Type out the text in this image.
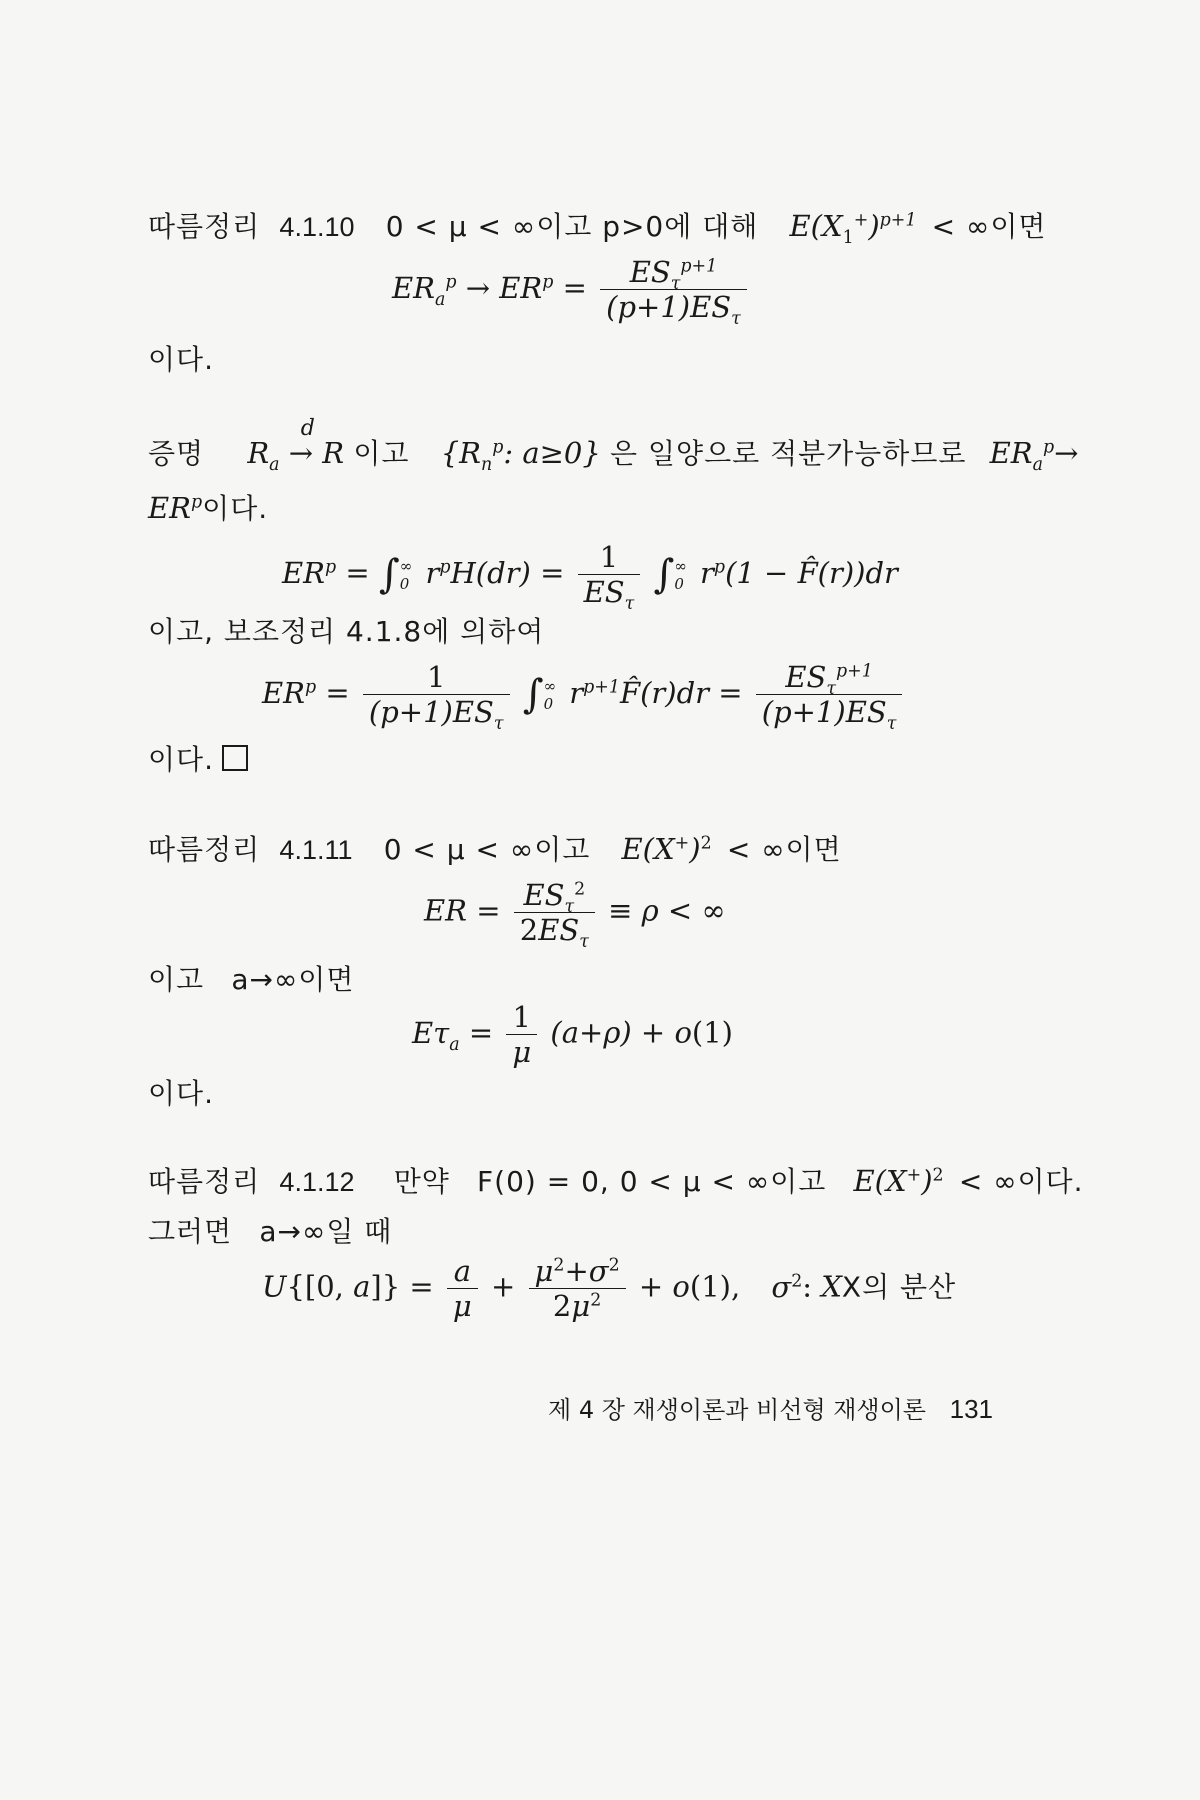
따름정리 4.1.10 0 < μ < ∞이고 p>0에 대해 $E(X_1^+)^{p+1}$ < ∞이면
$ER_a^p \to ER^p = \frac{ES_\tau^{p+1}}{(p+1)ES_\tau}$
이다.
증명 $R_a$
d
→ R 이고 {$R_n^p$: a≥0} 은 일양으로 적분가능하므로 $ER_a^p\to$
$ER^p$이다.
$ER^p$ = ∫ ∞
0 $r^pH(dr) = \frac{1}{ES_\tau}$ ∫ ∞
0 $r^p(1$ − F̂(r))dr
이고, 보조정리 4.1.8에 의하여
$ER^p = \frac{1}{(p+1)ES_\tau}$ ∫ ∞
0 $r^{p+1}F̂(r)dr = \frac{ES_\tau^{p+1}}{(p+1)ES_\tau}$
이다.
따름정리 4.1.11 0 < μ < ∞이고 $E(X^+)^2$ < ∞이면
ER = $\frac{ES_\tau^2}{2ES_\tau} \equiv \rho$ < ∞
이고 a→∞이면
$E\tau_a = \frac{1}{\mu} (a+\rho) + o(1)$
이다.
따름정리 4.1.12 만약 F(0) = 0, 0 < μ < ∞이고 $E(X^+)^2$ < ∞이다.
그러면 a→∞일 때
U{[0, $a]\} = \frac{a}{\mu} + \frac{\mu^2+\sigma^2}{2\mu^2} + o(1)$, $\sigma^2$: XX의 분산
제 4 장 재생이론과 비선형 재생이론 131
